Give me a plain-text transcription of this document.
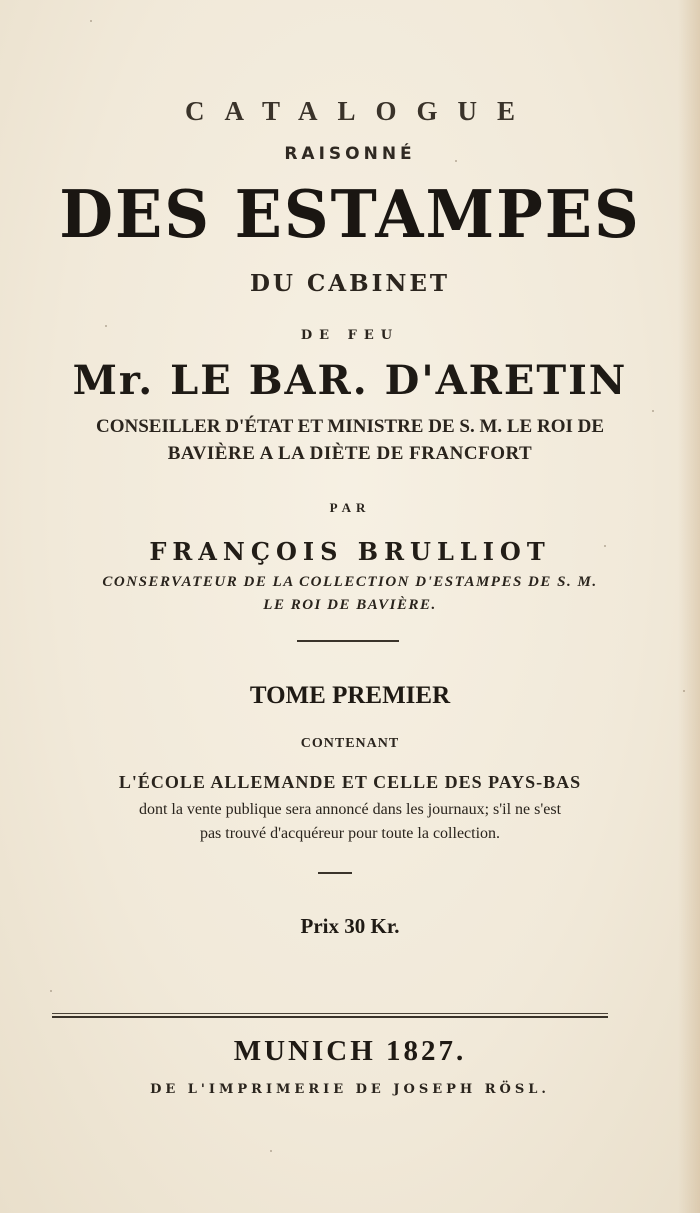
CATALOGUE
RAISONNÉ
DES ESTAMPES
DU CABINET
DE FEU
Mr. LE BAR. D'ARETIN
CONSEILLER D'ÉTAT ET MINISTRE DE S. M. LE ROI DE
BAVIÈRE A LA DIÈTE DE FRANCFORT
PAR
FRANÇOIS BRULLIOT
CONSERVATEUR DE LA COLLECTION D'ESTAMPES DE S. M.
LE ROI DE BAVIÈRE.
TOME PREMIER
CONTENANT
L'ÉCOLE ALLEMANDE ET CELLE DES PAYS-BAS
dont la vente publique sera annoncé dans les journaux; s'il ne s'est
pas trouvé d'acquéreur pour toute la collection.
Prix 30 Kr.
MUNICH 1827.
DE L'IMPRIMERIE DE JOSEPH RÖSL.
